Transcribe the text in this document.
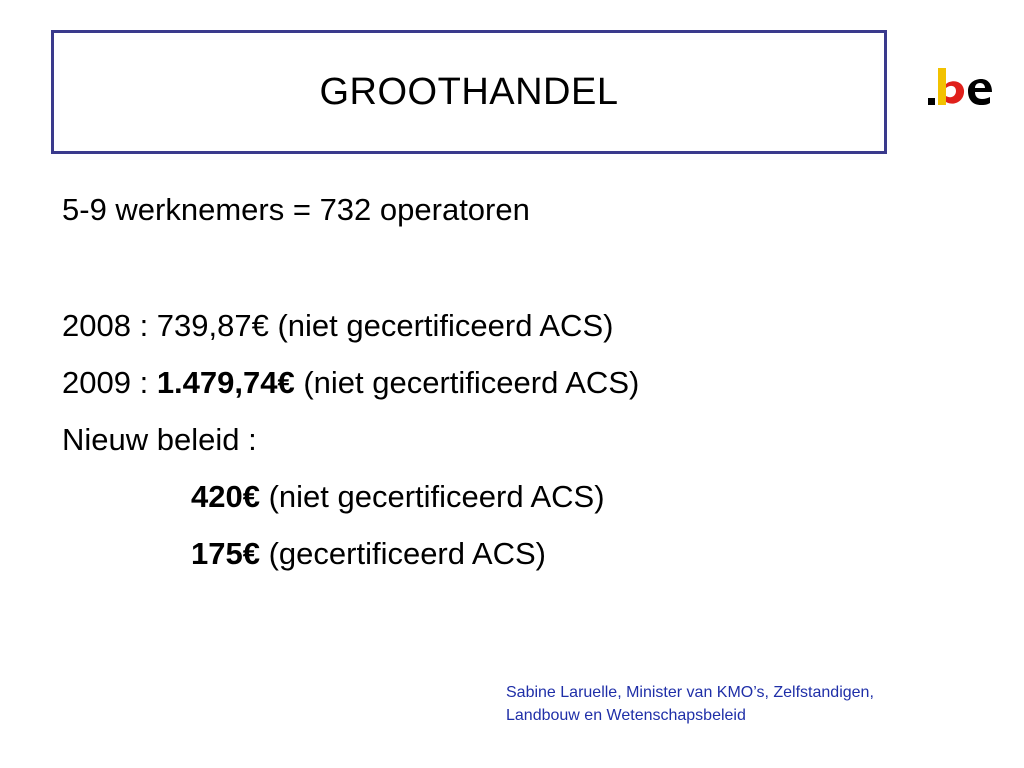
GROOTHANDEL
5-9 werknemers = 732 operatoren
2008 : 739,87€ (niet gecertificeerd ACS)
2009 : 1.479,74€ (niet gecertificeerd ACS)
Nieuw beleid :
420€ (niet gecertificeerd ACS)
175€ (gecertificeerd ACS)
Sabine Laruelle, Minister van KMO’s, Zelfstandigen,
Landbouw en Wetenschapsbeleid
